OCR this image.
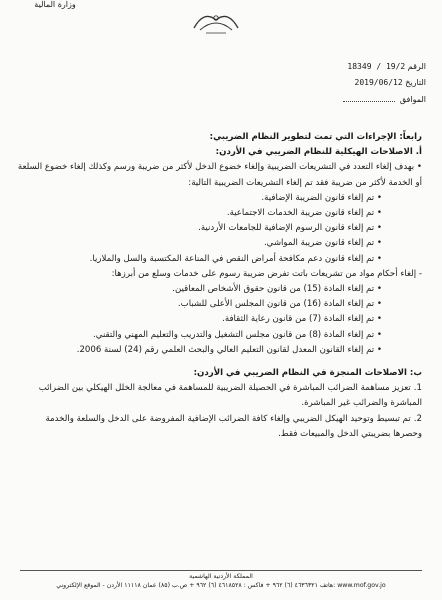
وزارة المالية
الرقم 18349 / 19/2
التاريخ 2019/06/12
الموافق

رابعاً: الإجراءات التي تمت لتطوير النظام الضريبي:

أ. الاصلاحات الهيكلية للنظام الضريبي في الأردن:

• بهدف إلغاء التعدد في التشريعات الضريبية وإلغاء خضوع الدخل لأكثر من ضريبة ورسم وكذلك إلغاء خضوع السلعة أو الخدمة لأكثر من ضريبة فقد تم إلغاء التشريعات الضريبية التالية:

• تم إلغاء قانون الضريبة الإضافية.

• تم إلغاء قانون ضريبة الخدمات الاجتماعية.

• تم إلغاء قانون الرسوم الإضافية للجامعات الأردنية.

• تم إلغاء قانون ضريبة المواشي.

• تم إلغاء قانون دعم مكافحة أمراض النقص في المناعة المكتسبة والسل والملاريا.

- إلغاء أحكام مواد من تشريعات باتت تفرض ضريبة رسوم على خدمات وسلع من أبرزها:

• تم إلغاء المادة (15) من قانون حقوق الأشخاص المعاقين.

• تم إلغاء المادة (16) من قانون المجلس الأعلى للشباب.

• تم إلغاء المادة (7) من قانون رعاية الثقافة.

• تم إلغاء المادة (8) من قانون مجلس التشغيل والتدريب والتعليم المهني والتقني.

• تم إلغاء القانون المعدل لقانون التعليم العالي والبحث العلمي رقم (24) لسنة 2006.

ب: الاصلاحات المنجزة في النظام الضريبي في الأردن:

1.تعزيز مساهمة الضرائب المباشرة في الحصيلة الضريبية للمساهمة في معالجة الخلل الهيكلي بين الضرائب المباشرة والضرائب غير المباشرة.

2.تم تبسيط وتوحيد الهيكل الضريبي وإلغاء كافة الضرائب الإضافية المفروضة على الدخل والسلعة والخدمة وحصرها بضريبتي الدخل والمبيعات فقط.

المملكة الأردنية الهاشمية
هاتف ٤٦٣٦٣٢١ (٦) ٩٦٢ + فاكس : ٤٦١٨٥٢٨ (٦) ٩٦٢ + ص.ب (٨٥) عمان ١١١١٨ الأردن - الموقع الإلكتروني: www.mof.gov.jo
